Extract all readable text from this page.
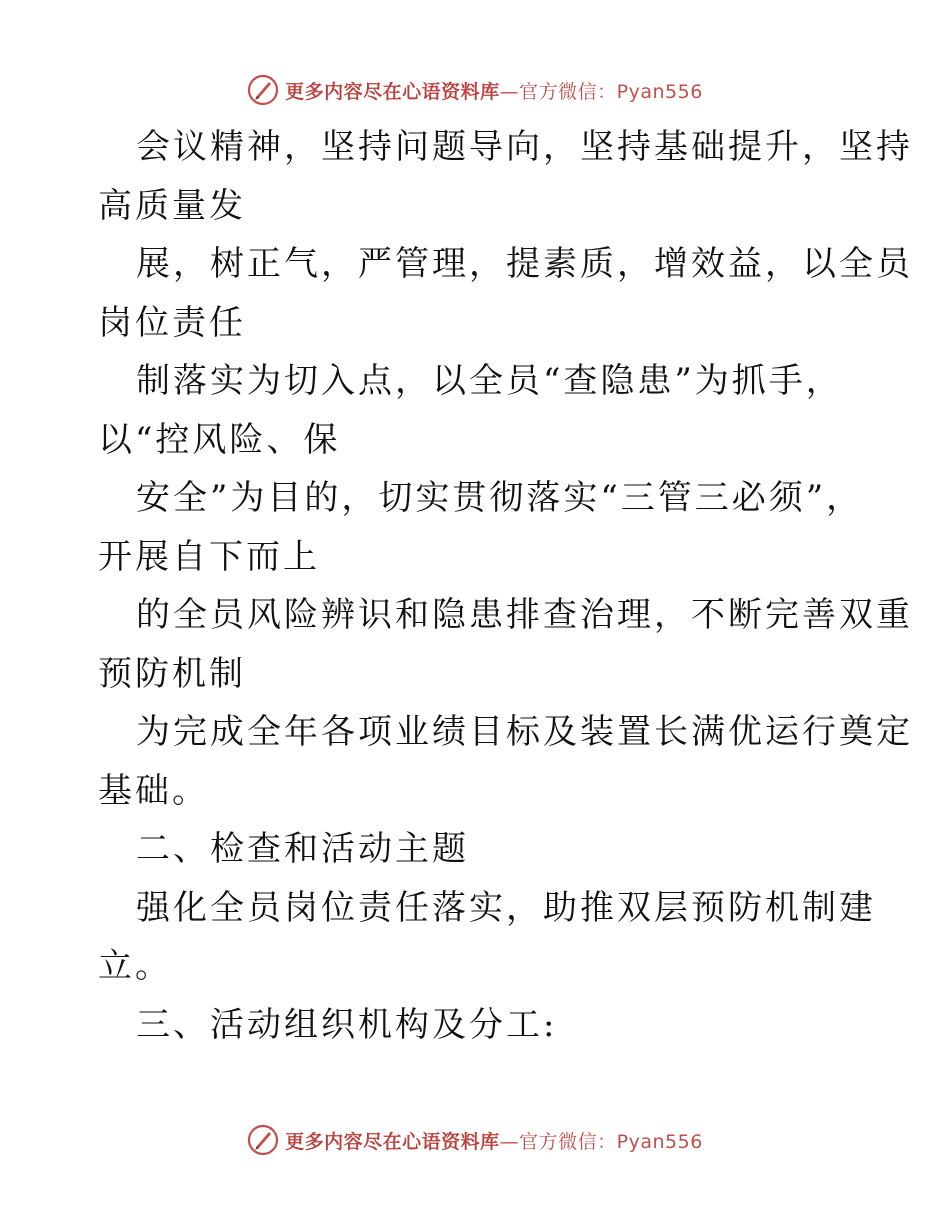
更多内容尽在心语资料库—官方微信：Pyan556
会议精神，坚持问题导向，坚持基础提升，坚持
高质量发
展，树正气，严管理，提素质，增效益，以全员
岗位责任
制落实为切入点，以全员“查隐患”为抓手，
以“控风险、保
安全”为目的，切实贯彻落实“三管三必须”，
开展自下而上
的全员风险辨识和隐患排查治理，不断完善双重
预防机制
为完成全年各项业绩目标及装置长满优运行奠定
基础。
二、检查和活动主题
强化全员岗位责任落实，助推双层预防机制建
立。
三、活动组织机构及分工:
更多内容尽在心语资料库—官方微信：Pyan556
